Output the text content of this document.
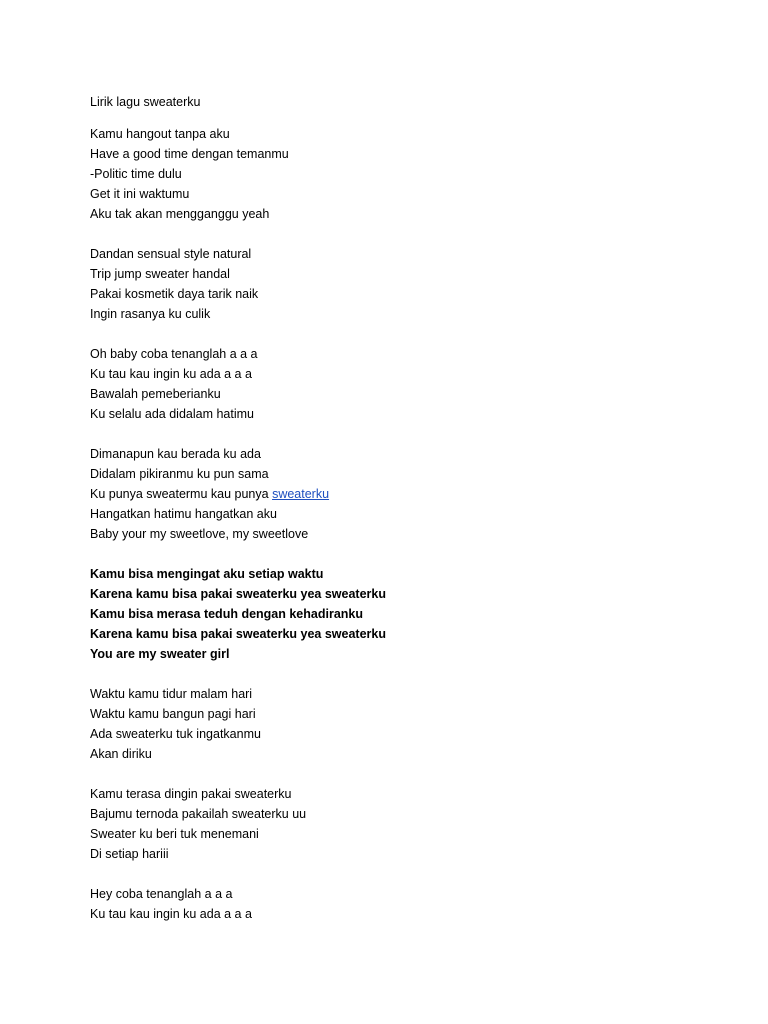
Lirik lagu sweaterku
Kamu hangout tanpa aku
Have a good time dengan temanmu
-Politic time dulu
Get it ini waktumu
Aku tak akan mengganggu yeah
Dandan sensual style natural
Trip jump sweater handal
Pakai kosmetik daya tarik naik
Ingin rasanya ku culik
Oh baby coba tenanglah a a a
Ku tau kau ingin ku ada a a a
Bawalah pemeberianku
Ku selalu ada didalam hatimu
Dimanapun kau berada ku ada
Didalam pikiranmu ku pun sama
Ku punya sweatermu kau punya sweaterku
Hangatkan hatimu hangatkan aku
Baby your my sweetlove, my sweetlove
Kamu bisa mengingat aku setiap waktu
Karena kamu bisa pakai sweaterku yea sweaterku
Kamu bisa merasa teduh dengan kehadiranku
Karena kamu bisa pakai sweaterku yea sweaterku
You are my sweater girl
Waktu kamu tidur malam hari
Waktu kamu bangun pagi hari
Ada sweaterku tuk ingatkanmu
Akan diriku
Kamu terasa dingin pakai sweaterku
Bajumu ternoda pakailah sweaterku uu
Sweater ku beri tuk menemani
Di setiap hariii
Hey coba tenanglah a a a
Ku tau kau ingin ku ada a a a
